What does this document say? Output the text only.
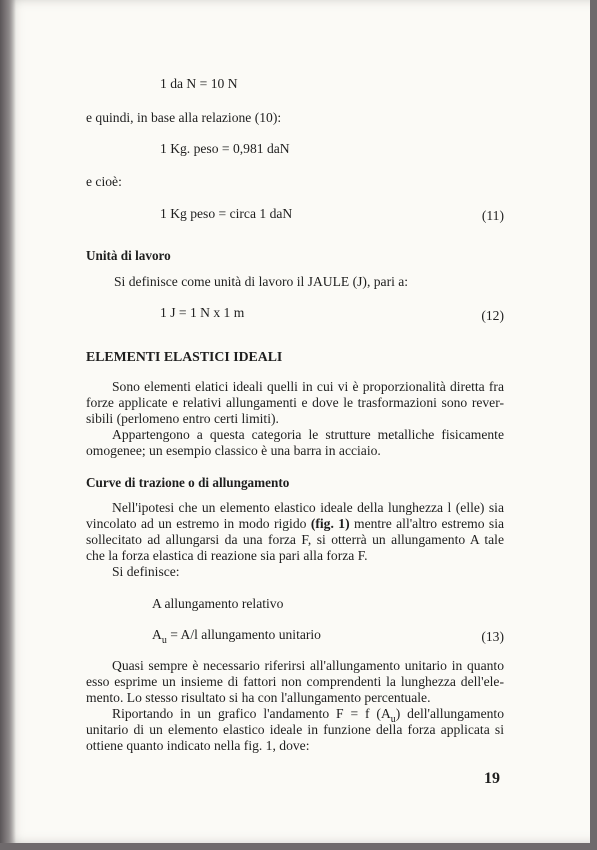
1 da N = 10 N
e quindi, in base alla relazione (10):
1 Kg. peso = 0,981 daN
e cioè:
1 Kg peso = circa 1 daN	(11)
Unità di lavoro
Si definisce come unità di lavoro il JAULE (J), pari a:
1 J = 1 N x 1 m	(12)
ELEMENTI ELASTICI IDEALI
Sono elementi elatici ideali quelli in cui vi è proporzionalità diretta fra
forze applicate e relativi allungamenti e dove le trasformazioni sono rever-
sibili (perlomeno entro certi limiti).
Appartengono a questa categoria le strutture metalliche fisicamente
omogenee; un esempio classico è una barra in acciaio.
Curve di trazione o di allungamento
Nell'ipotesi che un elemento elastico ideale della lunghezza l (elle) sia
vincolato ad un estremo in modo rigido (fig. 1) mentre all'altro estremo sia
sollecitato ad allungarsi da una forza F, si otterrà un allungamento A tale
che la forza elastica di reazione sia pari alla forza F.
Si definisce:
A allungamento relativo
$A_u = A/l$ allungamento unitario	(13)
Quasi sempre è necessario riferirsi all'allungamento unitario in quanto
esso esprime un insieme di fattori non comprendenti la lunghezza dell'ele-
mento. Lo stesso risultato si ha con l'allungamento percentuale.
Riportando in un grafico l'andamento F = f $(A_u)$ dell'allungamento
unitario di un elemento elastico ideale in funzione della forza applicata si
ottiene quanto indicato nella fig. 1, dove:
19
